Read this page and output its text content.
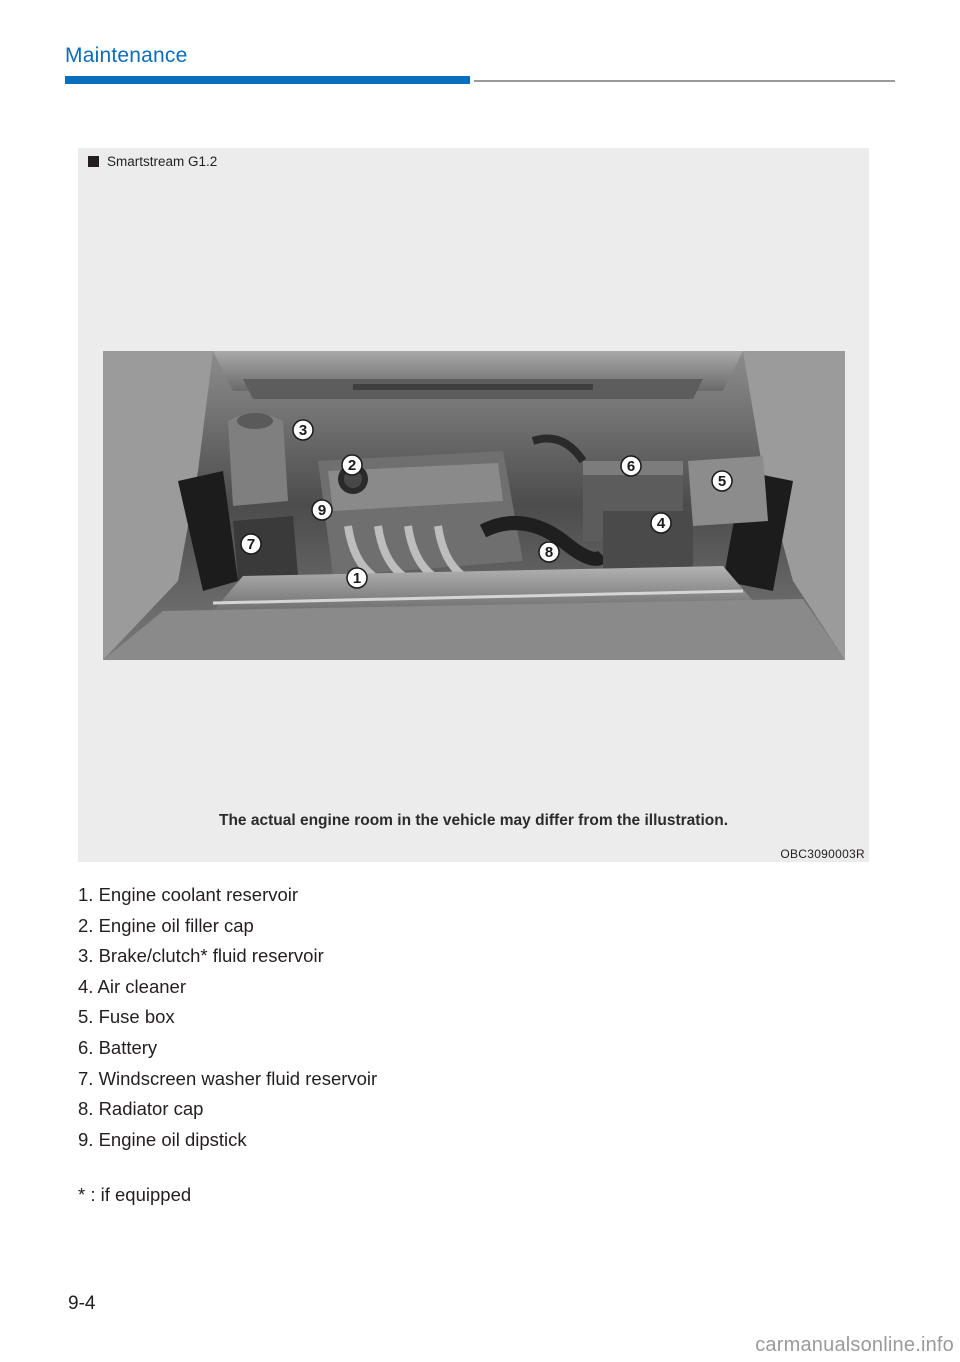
Maintenance
Smartstream G1.2
1
2
3
4
5
6
7	8
9
The actual engine room in the vehicle may differ from the illustration.
OBC3090003R
1. Engine coolant reservoir
2. Engine oil filler cap
3. Brake/clutch* fluid reservoir
4. Air cleaner
5. Fuse box
6. Battery
7. Windscreen washer fluid reservoir
8. Radiator cap
9. Engine oil dipstick
* : if equipped
9-4
carmanualsonline.info
